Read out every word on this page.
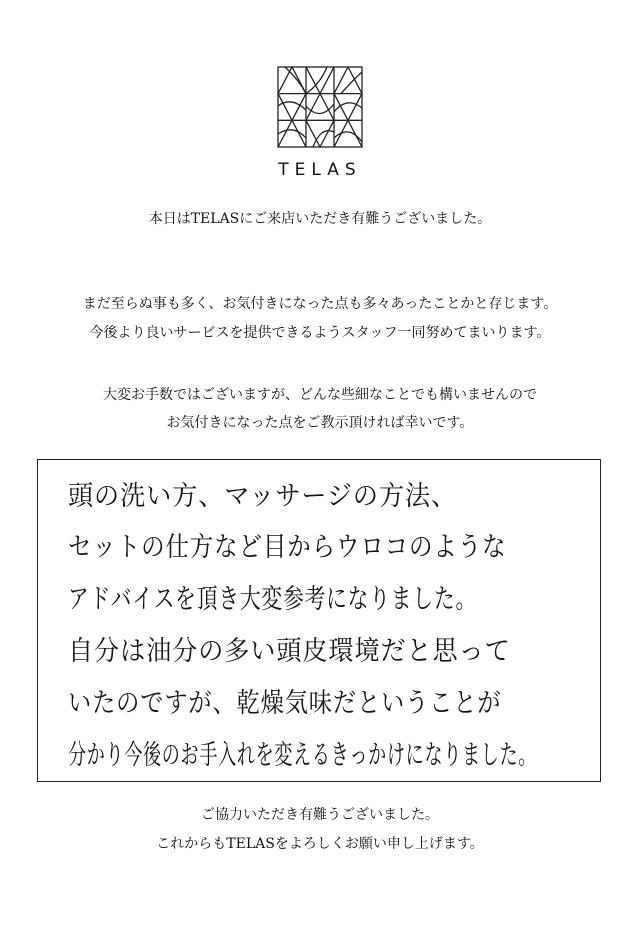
TELAS
本日はTELASにご来店いただき有難うございました。
まだ至らぬ事も多く、お気付きになった点も多々あったことかと存じます。
今後より良いサービスを提供できるようスタッフ一同努めてまいります。
大変お手数ではございますが、どんな些細なことでも構いませんので
お気付きになった点をご教示頂ければ幸いです。
頭の洗い方、マッサージの方法、
セットの仕方など目からウロコのような
アドバイスを頂き大変参考になりました。
自分は油分の多い頭皮環境だと思って
いたのですが、乾燥気味だということが
分かり今後のお手入れを変えるきっかけになりました。
ご協力いただき有難うございました。
これからもTELASをよろしくお願い申し上げます。
